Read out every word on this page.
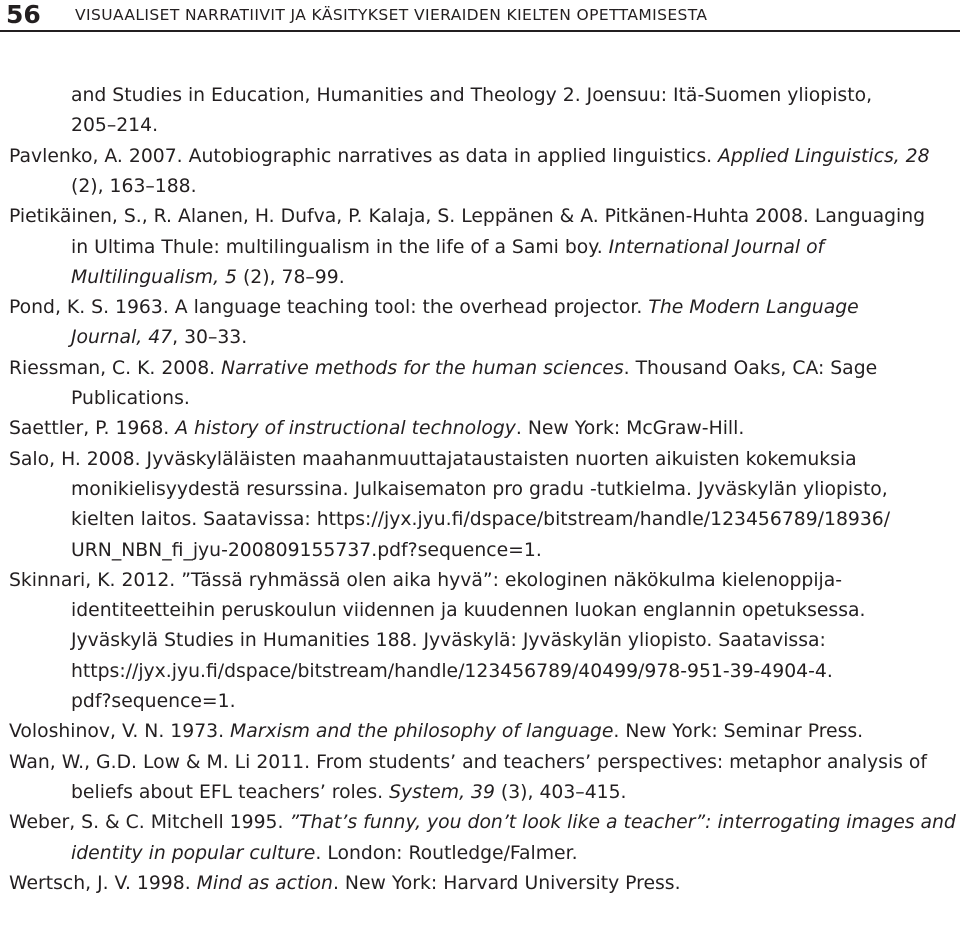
56 VISUAALISET NARRATIIVIT JA KÄSITYKSET VIERAIDEN KIELTEN OPETTAMISESTA
and Studies in Education, Humanities and Theology 2. Joensuu: Itä-Suomen yliopisto,
205–214.
Pavlenko, A. 2007. Autobiographic narratives as data in applied linguistics. Applied Linguistics, 28
(2), 163–188.
Pietikäinen, S., R. Alanen, H. Dufva, P. Kalaja, S. Leppänen & A. Pitkänen-Huhta 2008. Languaging
in Ultima Thule: multilingualism in the life of a Sami boy. International Journal of
Multilingualism, 5 (2), 78–99.
Pond, K. S. 1963. A language teaching tool: the overhead projector. The Modern Language
Journal, 47, 30–33.
Riessman, C. K. 2008. Narrative methods for the human sciences. Thousand Oaks, CA: Sage
Publications.
Saettler, P. 1968. A history of instructional technology. New York: McGraw-Hill.
Salo, H. 2008. Jyväskyläläisten maahanmuuttajataustaisten nuorten aikuisten kokemuksia
monikielisyydestä resurssina. Julkaisematon pro gradu -tutkielma. Jyväskylän yliopisto,
kielten laitos. Saatavissa: https://jyx.jyu.fi/dspace/bitstream/handle/123456789/18936/
URN_NBN_fi_jyu-200809155737.pdf?sequence=1.
Skinnari, K. 2012. ”Tässä ryhmässä olen aika hyvä”: ekologinen näkökulma kielenoppija-
identiteetteihin peruskoulun viidennen ja kuudennen luokan englannin opetuksessa.
Jyväskylä Studies in Humanities 188. Jyväskylä: Jyväskylän yliopisto. Saatavissa:
https://jyx.jyu.fi/dspace/bitstream/handle/123456789/40499/978-951-39-4904-4.
pdf?sequence=1.
Voloshinov, V. N. 1973. Marxism and the philosophy of language. New York: Seminar Press.
Wan, W., G.D. Low & M. Li 2011. From students’ and teachers’ perspectives: metaphor analysis of
beliefs about EFL teachers’ roles. System, 39 (3), 403–415.
Weber, S. & C. Mitchell 1995. ”That’s funny, you don’t look like a teacher”: interrogating images and
identity in popular culture. London: Routledge/Falmer.
Wertsch, J. V. 1998. Mind as action. New York: Harvard University Press.
